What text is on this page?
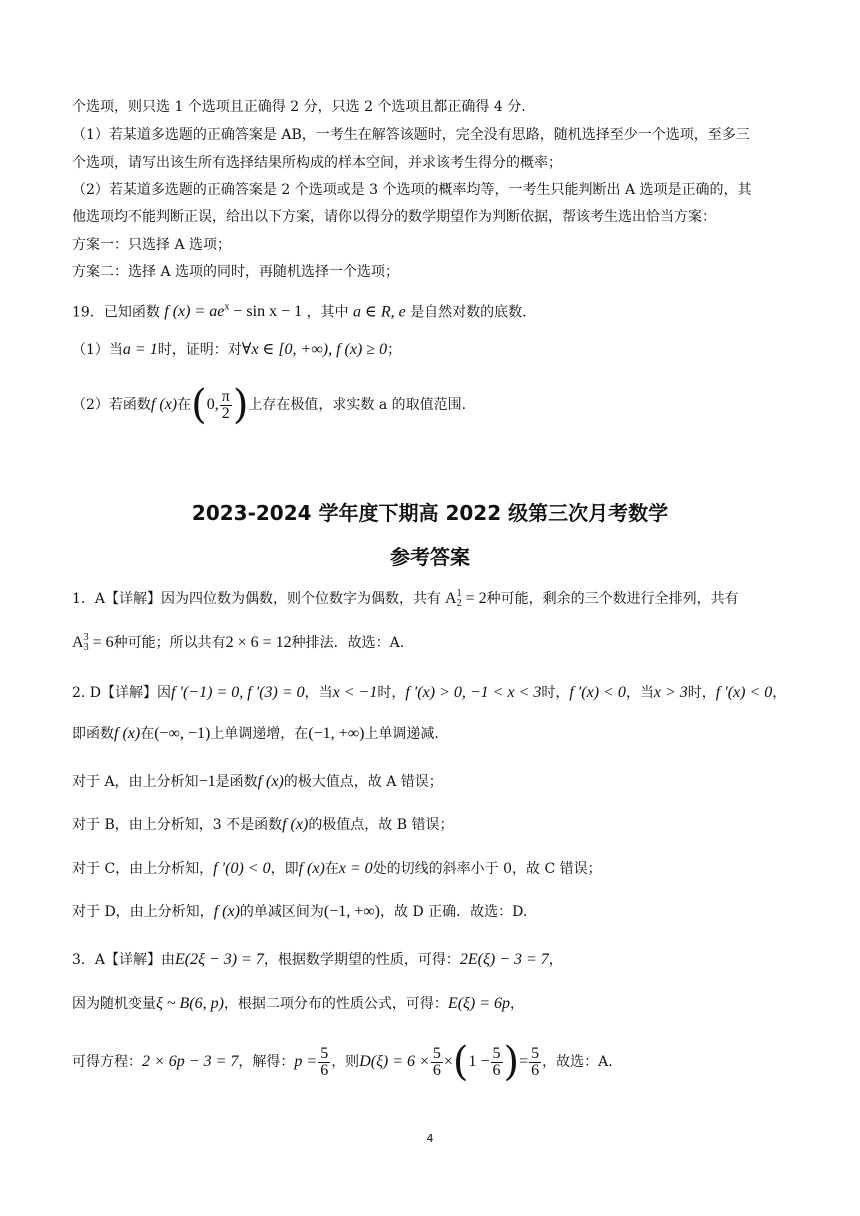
个选项，则只选 1 个选项且正确得 2 分，只选 2 个选项且都正确得 4 分.
（1）若某道多选题的正确答案是 AB，一考生在解答该题时，完全没有思路，随机选择至少一个选项，至多三
个选项，请写出该生所有选择结果所构成的样本空间，并求该考生得分的概率；
（2）若某道多选题的正确答案是 2 个选项或是 3 个选项的概率均等，一考生只能判断出 A 选项是正确的，其
他选项均不能判断正误，给出以下方案，请你以得分的数学期望作为判断依据，帮该考生选出恰当方案：
方案一：只选择 A 选项；
方案二：选择 A 选项的同时，再随机选择一个选项；
19．已知函数 f $(x) = ae^x - \sin x - 1$ ，其中 a ∈ R, e 是自然对数的底数.
（1）当a = 1时，证明：对∀x ∈ [0, +∞), f (x) ≥ 0；
（2）若函数f (x)在(0, $\frac{\pi}{2}$ )上存在极值，求实数 a 的取值范围.
2023-2024 学年度下期高 2022 级第三次月考数学
参考答案
1．A【详解】因为四位数为偶数，则个位数字为偶数，共有 A 1
2 = 2种可能，剩余的三个数进行全排列，共有
A 3
3 = 6种可能；所以共有2 × 6 = 12种排法．故选：A.
2. D【详解】因f ′(−1) = 0, f ′(3) = 0，当x < −1时，f ′(x) > 0, −1 < x < 3时，f ′(x) < 0，当x > 3时，f ′(x) < 0，
即函数f (x)在(−∞, −1)上单调递增，在(−1, +∞)上单调递减.
对于 A，由上分析知−1是函数f (x)的极大值点，故 A 错误；
对于 B，由上分析知，3 不是函数f (x)的极值点，故 B 错误；
对于 C，由上分析知，f ′(0) < 0，即f (x)在x = 0处的切线的斜率小于 0，故 C 错误；
对于 D，由上分析知，f (x)的单减区间为(−1, +∞)，故 D 正确．故选：D.
3．A【详解】由E(2ξ − 3) = 7，根据数学期望的性质，可得：2E(ξ) − 3 = 7，
因为随机变量ξ ~ B(6, p)，根据二项分布的性质公式，可得：E(ξ) = 6p，
可得方程：2 × 6p − 3 = 7，解得：$p = \frac{5}{6}$ ，则$D(\xi) = 6 \times \frac{5}{6} \times(1 - \frac{5}{6}$ )= $\frac{5}{6}$ ，故选：A.
4
